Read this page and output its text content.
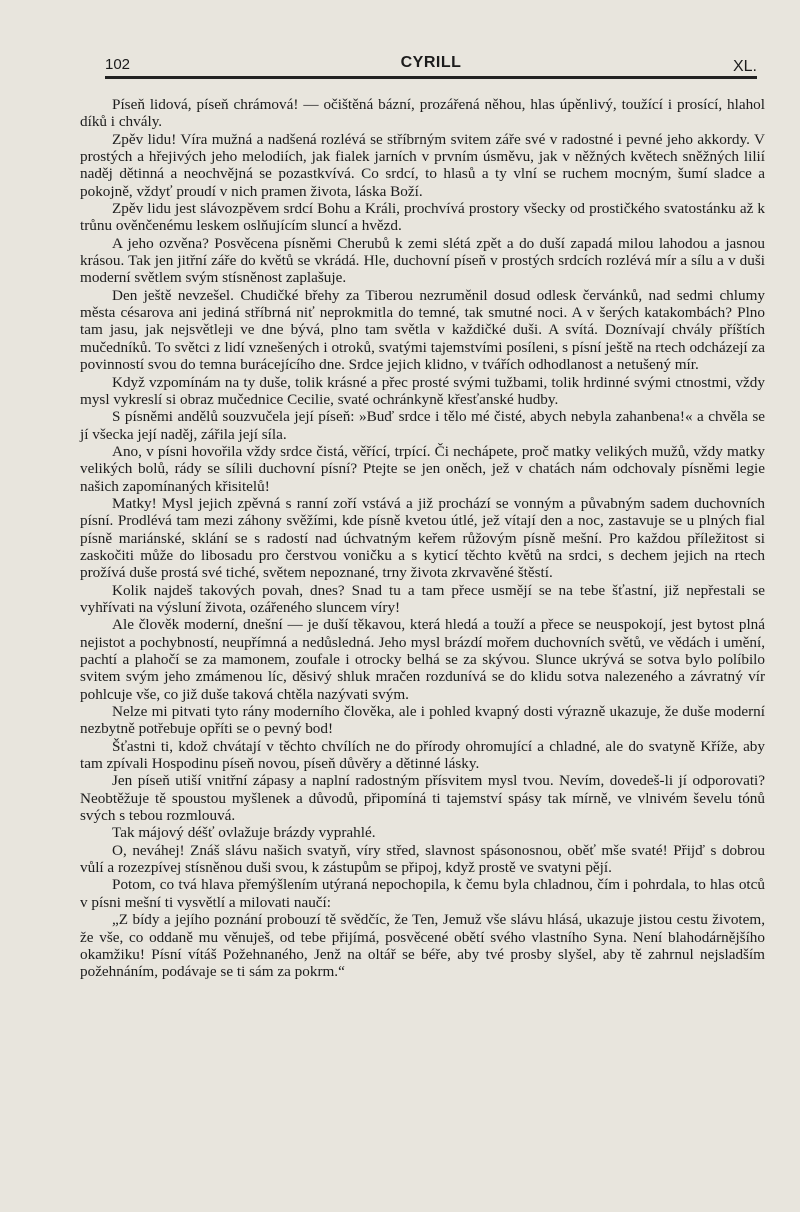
102	CYRILL	XL.

Píseň lidová, píseň chrámová! — očištěná bázní, prozářená něhou, hlas úpěnlivý, toužící i prosící, hlahol díků i chvály.

Zpěv lidu! Víra mužná a nadšená rozlévá se stříbrným svitem záře své v radostné i pevné jeho akkordy. V prostých a hřejivých jeho melodiích, jak fialek jarních v prvním úsměvu, jak v něžných květech sněžných lilií naděj dětinná a neochvějná se pozastkvívá. Co srdcí, to hlasů a ty vlní se ruchem mocným, šumí sladce a pokojně, vždyť proudí v nich pramen života, láska Boží.

Zpěv lidu jest slávozpěvem srdcí Bohu a Králi, prochvívá prostory všecky od prostičkého svatostánku až k trůnu ověnčenému leskem oslňujícím sluncí a hvězd.

A jeho ozvěna? Posvěcena písněmi Cherubů k zemi slétá zpět a do duší zapadá milou lahodou a jasnou krásou. Tak jen jitřní záře do květů se vkrádá. Hle, duchovní píseň v prostých srdcích rozlévá mír a sílu a v duši moderní světlem svým stísněnost zaplašuje.

Den ještě nevzešel. Chudičké břehy za Tiberou nezruměnil dosud odlesk červánků, nad sedmi chlumy města césarova ani jediná stříbrná niť neprokmitla do temné, tak smutné noci. A v šerých katakombách? Plno tam jasu, jak nejsvětleji ve dne bývá, plno tam světla v každičké duši. A svítá. Doznívají chvály příštích mučedníků. To světci z lidí vznešených i otroků, svatými tajemstvími posíleni, s písní ještě na rtech odcházejí za povinností svou do temna burácejícího dne. Srdce jejich klidno, v tvářích odhodlanost a netušený mír.

Když vzpomínám na ty duše, tolik krásné a přec prosté svými tužbami, tolik hrdinné svými ctnostmi, vždy mysl vykreslí si obraz mučednice Cecilie, svaté ochránkyně křesťanské hudby.

S písněmi andělů souzvučela její píseň: »Buď srdce i tělo mé čisté, abych nebyla zahanbena!« a chvěla se jí všecka její naděj, zářila její síla.

Ano, v písni hovořila vždy srdce čistá, věřící, trpící. Či nechápete, proč matky velikých mužů, vždy matky velikých bolů, rády se sílili duchovní písní? Ptejte se jen oněch, jež v chatách nám odchovaly písněmi legie našich zapomínaných křisitelů!

Matky! Mysl jejich zpěvná s ranní zoří vstává a již prochází se vonným a půvabným sadem duchovních písní. Prodlévá tam mezi záhony svěžími, kde písně kvetou útlé, jež vítají den a noc, zastavuje se u plných fial písně mariánské, sklání se s radostí nad úchvatným keřem růžovým písně mešní. Pro každou příležitost si zaskočiti může do libosadu pro čerstvou voničku a s kyticí těchto květů na srdci, s dechem jejich na rtech prožívá duše prostá své tiché, světem nepoznané, trny života zkrvavěné štěstí.

Kolik najdeš takových povah, dnes? Snad tu a tam přece usmějí se na tebe šťastní, již nepřestali se vyhřívati na výsluní života, ozářeného sluncem víry!

Ale člověk moderní, dnešní — je duší těkavou, která hledá a touží a přece se neuspokojí, jest bytost plná nejistot a pochybností, neupřímná a nedůsledná. Jeho mysl brázdí mořem duchovních světů, ve vědách i umění, pachtí a plahočí se za mamonem, zoufale i otrocky belhá se za skývou. Slunce ukrývá se sotva bylo políbilo svitem svým jeho zmámenou líc, děsivý shluk mračen rozdunívá se do klidu sotva nalezeného a závratný vír pohlcuje vše, co již duše taková chtěla nazývati svým.

Nelze mi pitvati tyto rány moderního člověka, ale i pohled kvapný dosti výrazně ukazuje, že duše moderní nezbytně potřebuje opříti se o pevný bod!

Šťastni ti, kdož chvátají v těchto chvílích ne do přírody ohromující a chladné, ale do svatyně Kříže, aby tam zpívali Hospodinu píseň novou, píseň důvěry a dětinné lásky.

Jen píseň utiší vnitřní zápasy a naplní radostným přísvitem mysl tvou. Nevím, dovedeš-li jí odporovati? Neobtěžuje tě spoustou myšlenek a důvodů, připomíná ti tajemství spásy tak mírně, ve vlnivém ševelu tónů svých s tebou rozmlouvá.

Tak májový déšť ovlažuje brázdy vyprahlé.

O, neváhej! Znáš slávu našich svatyň, víry střed, slavnost spásonosnou, oběť mše svaté! Přijď s dobrou vůlí a rozezpívej stísněnou duši svou, k zástupům se připoj, když prostě ve svatyni pějí.

Potom, co tvá hlava přemýšlením utýraná nepochopila, k čemu byla chladnou, čím i pohrdala, to hlas otců v písni mešní ti vysvětlí a milovati naučí:

„Z bídy a jejího poznání probouzí tě svědčíc, že Ten, Jemuž vše slávu hlásá, ukazuje jistou cestu životem, že vše, co oddaně mu věnuješ, od tebe přijímá, posvěcené obětí svého vlastního Syna. Není blahodárnějšího okamžiku! Písní vítáš Požehnaného, Jenž na oltář se béře, aby tvé prosby slyšel, aby tě zahrnul nejsladším požehnáním, podávaje se ti sám za pokrm.“
